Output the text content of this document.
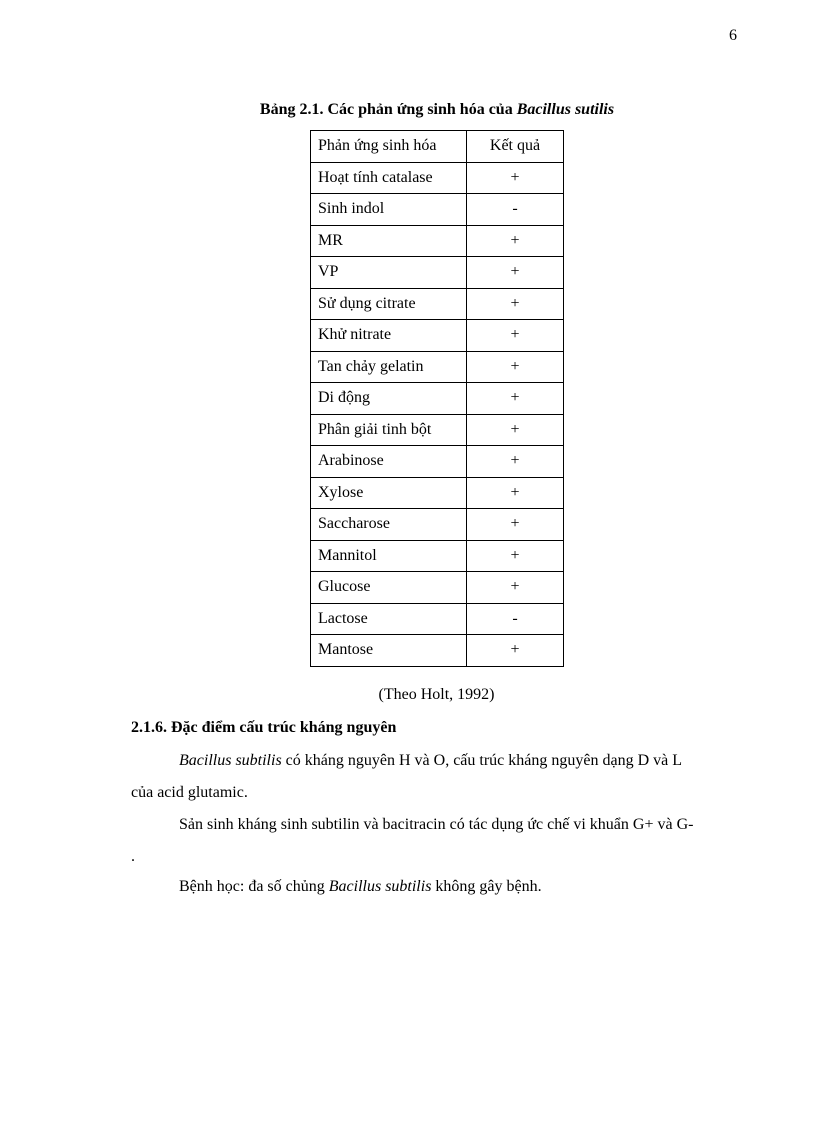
6
Bảng 2.1. Các phản ứng sinh hóa của Bacillus sutilis
Phản ứng sinh hóa	Kết quả
Hoạt tính catalase	+
Sinh indol	-
MR	+
VP	+
Sử dụng citrate	+
Khử nitrate	+
Tan chảy gelatin	+
Di động	+
Phân giải tinh bột	+
Arabinose	+
Xylose	+
Saccharose	+
Mannitol	+
Glucose	+
Lactose	-
Mantose	+
(Theo Holt, 1992)
2.1.6. Đặc điểm cấu trúc kháng nguyên
Bacillus subtilis có kháng nguyên H và O, cấu trúc kháng nguyên dạng D và L
của acid glutamic.
Sản sinh kháng sinh subtilin và bacitracin có tác dụng ức chế vi khuẩn G+ và G-
.
Bệnh học: đa số chủng Bacillus subtilis không gây bệnh.
